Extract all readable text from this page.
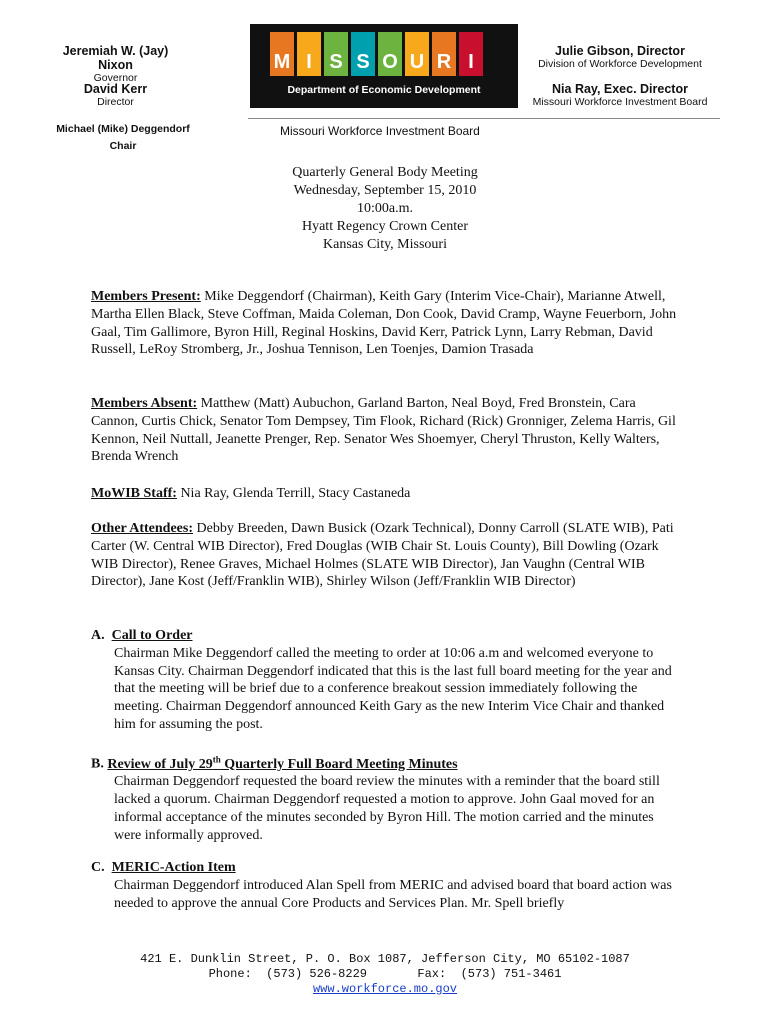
Jeremiah W. (Jay) Nixon
Governor
David Kerr
Director
M I S S O U R I
Department of Economic Development
Julie Gibson, Director
Division of Workforce Development
Nia Ray, Exec. Director
Missouri Workforce Investment Board
Michael (Mike) Deggendorf
Chair
Missouri Workforce Investment Board
Quarterly General Body Meeting
Wednesday, September 15, 2010
10:00a.m.
Hyatt Regency Crown Center
Kansas City, Missouri
Members Present: Mike Deggendorf (Chairman), Keith Gary (Interim Vice-Chair), Marianne Atwell, Martha Ellen Black, Steve Coffman, Maida Coleman, Don Cook, David Cramp, Wayne Feuerborn, John Gaal, Tim Gallimore, Byron Hill, Reginal Hoskins, David Kerr, Patrick Lynn, Larry Rebman, David Russell, LeRoy Stromberg, Jr., Joshua Tennison, Len Toenjes, Damion Trasada
Members Absent: Matthew (Matt) Aubuchon, Garland Barton, Neal Boyd, Fred Bronstein, Cara Cannon, Curtis Chick, Senator Tom Dempsey, Tim Flook, Richard (Rick) Gronniger, Zelema Harris, Gil Kennon, Neil Nuttall, Jeanette Prenger, Rep. Senator Wes Shoemyer, Cheryl Thruston, Kelly Walters, Brenda Wrench
MoWIB Staff: Nia Ray, Glenda Terrill, Stacy Castaneda
Other Attendees: Debby Breeden, Dawn Busick (Ozark Technical), Donny Carroll (SLATE WIB), Pati Carter (W. Central WIB Director), Fred Douglas (WIB Chair St. Louis County), Bill Dowling (Ozark WIB Director), Renee Graves, Michael Holmes (SLATE WIB Director), Jan Vaughn (Central WIB Director), Jane Kost (Jeff/Franklin WIB), Shirley Wilson (Jeff/Franklin WIB Director)
A. Call to Order
Chairman Mike Deggendorf called the meeting to order at 10:06 a.m and welcomed everyone to Kansas City. Chairman Deggendorf indicated that this is the last full board meeting for the year and that the meeting will be brief due to a conference breakout session immediately following the meeting. Chairman Deggendorf announced Keith Gary as the new Interim Vice Chair and thanked him for assuming the post.
B. Review of July 29th Quarterly Full Board Meeting Minutes
Chairman Deggendorf requested the board review the minutes with a reminder that the board still lacked a quorum. Chairman Deggendorf requested a motion to approve. John Gaal moved for an informal acceptance of the minutes seconded by Byron Hill. The motion carried and the minutes were informally approved.
C. MERIC-Action Item
Chairman Deggendorf introduced Alan Spell from MERIC and advised board that board action was needed to approve the annual Core Products and Services Plan. Mr. Spell briefly
421 E. Dunklin Street, P. O. Box 1087, Jefferson City, MO 65102-1087
Phone:  (573) 526-8229       Fax:  (573) 751-3461
www.workforce.mo.gov
